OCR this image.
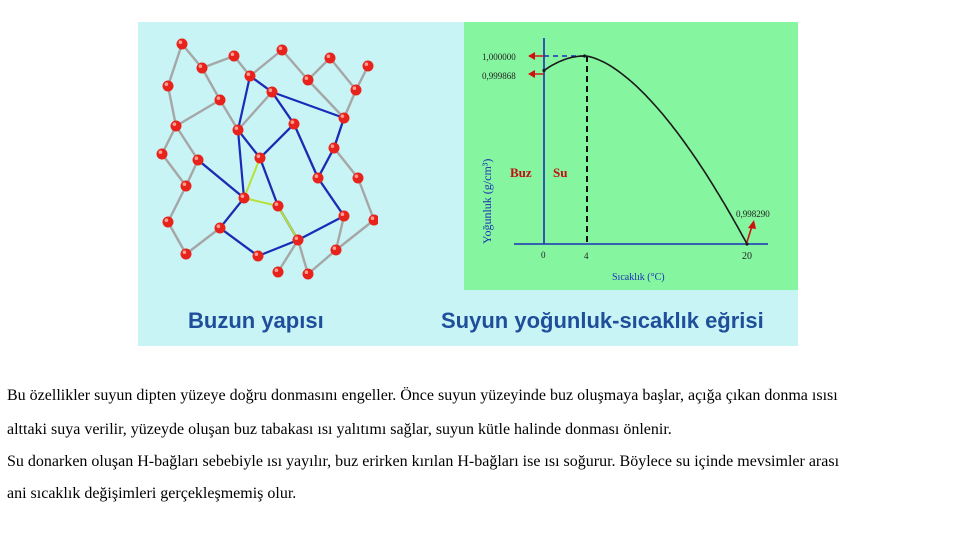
1,000000
0,999868
0,998290
0	4	20
Sıcaklık (°C)
Yoğunluk (g/cm³) Buz Su
Buzun yapısı	Suyun yoğunluk-sıcaklık eğrisi
Bu özellikler suyun dipten yüzeye doğru donmasını engeller. Önce suyun yüzeyinde buz oluşmaya başlar, açığa çıkan donma ısısı
alttaki suya verilir, yüzeyde oluşan buz tabakası ısı yalıtımı sağlar, suyun kütle halinde donması önlenir.
Su donarken oluşan H-bağları sebebiyle ısı yayılır, buz erirken kırılan H-bağları ise ısı soğurur. Böylece su içinde mevsimler arası
ani sıcaklık değişimleri gerçekleşmemiş olur.
